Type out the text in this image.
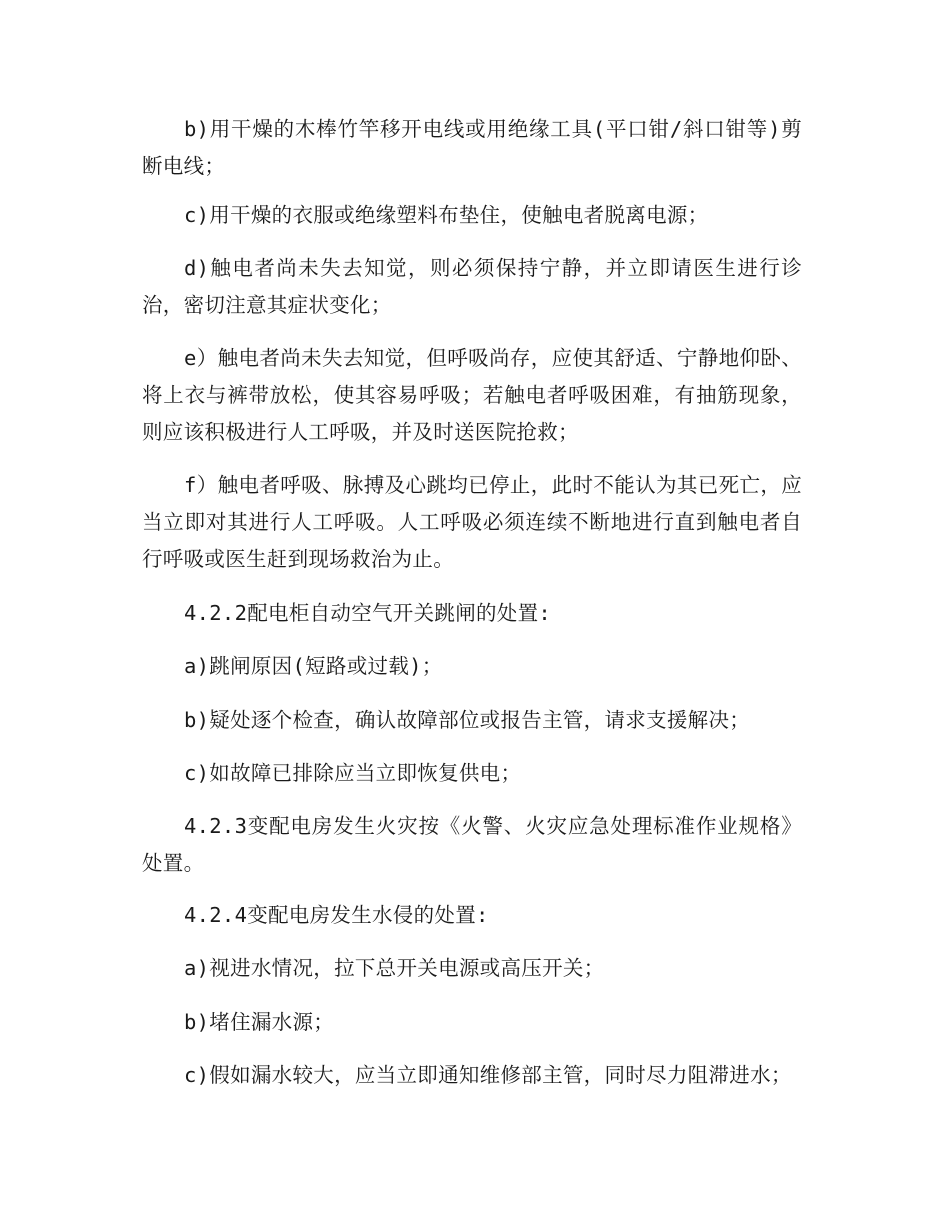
b)用干燥的木棒竹竿移开电线或用绝缘工具(平口钳/斜口钳等)剪断电线；

c)用干燥的衣服或绝缘塑料布垫住，使触电者脱离电源；

d)触电者尚未失去知觉，则必须保持宁静，并立即请医生进行诊治，密切注意其症状变化；

e）触电者尚未失去知觉，但呼吸尚存，应使其舒适、宁静地仰卧、将上衣与裤带放松，使其容易呼吸；若触电者呼吸困难，有抽筋现象，则应该积极进行人工呼吸，并及时送医院抢救；

f）触电者呼吸、脉搏及心跳均已停止，此时不能认为其已死亡，应当立即对其进行人工呼吸。人工呼吸必须连续不断地进行直到触电者自行呼吸或医生赶到现场救治为止。

4.2.2配电柜自动空气开关跳闸的处置:

a)跳闸原因(短路或过载)；

b)疑处逐个检查，确认故障部位或报告主管，请求支援解决；

c)如故障已排除应当立即恢复供电；

4.2.3变配电房发生火灾按《火警、火灾应急处理标准作业规格》处置。

4.2.4变配电房发生水侵的处置:

a)视进水情况，拉下总开关电源或高压开关；

b)堵住漏水源；

c)假如漏水较大，应当立即通知维修部主管，同时尽力阻滞进水；
